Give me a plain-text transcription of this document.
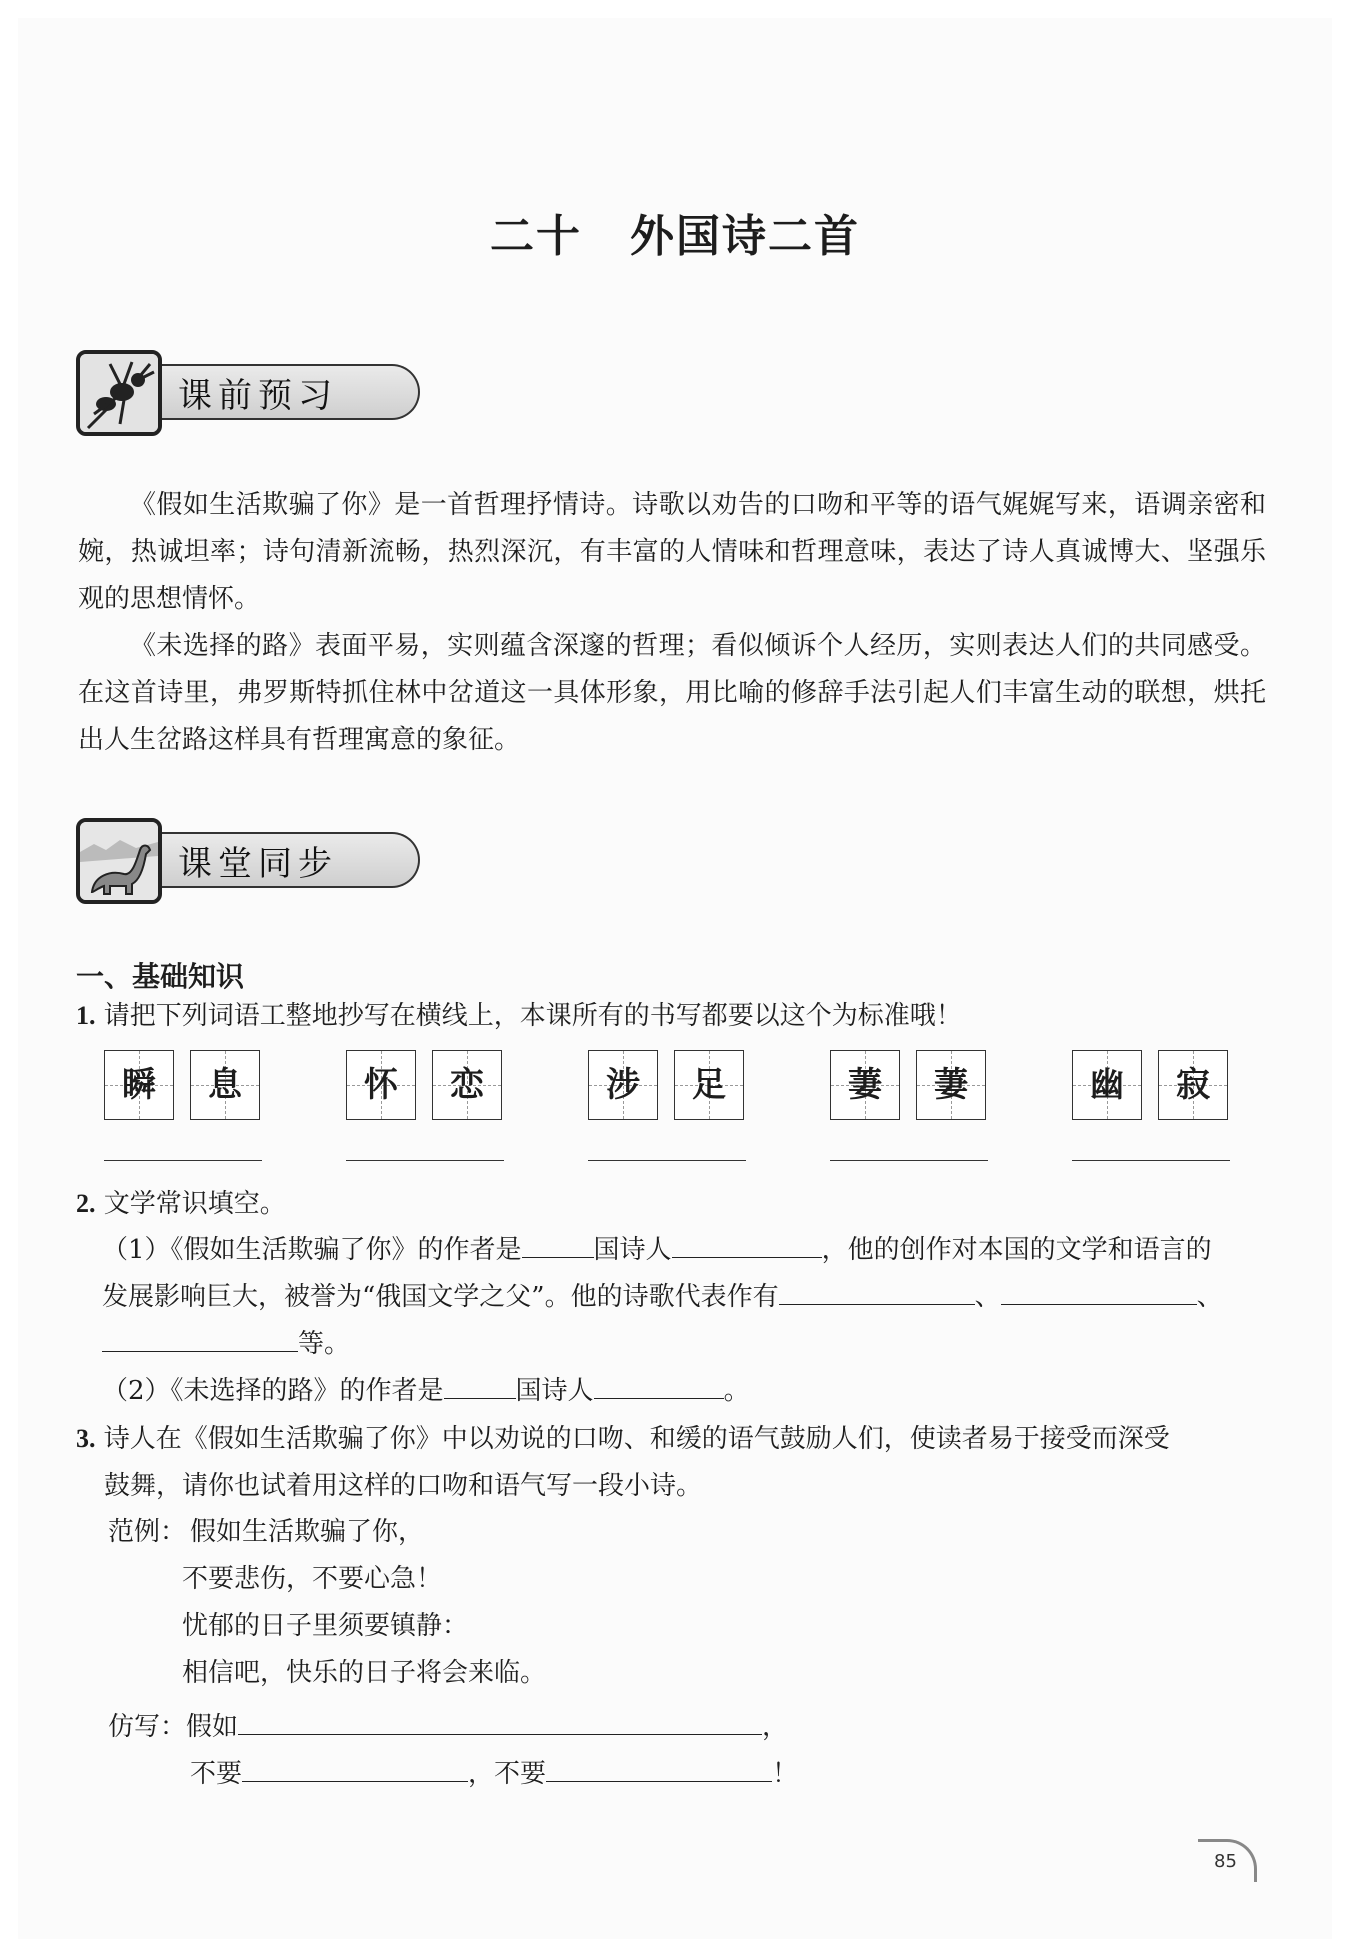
二十 外国诗二首
课前预习

《假如生活欺骗了你》是一首哲理抒情诗。诗歌以劝告的口吻和平等的语气娓娓写来，语调亲密和婉，热诚坦率；诗句清新流畅，热烈深沉，有丰富的人情味和哲理意味，表达了诗人真诚博大、坚强乐观的思想情怀。

《未选择的路》表面平易，实则蕴含深邃的哲理；看似倾诉个人经历，实则表达人们的共同感受。在这首诗里，弗罗斯特抓住林中岔道这一具体形象，用比喻的修辞手法引起人们丰富生动的联想，烘托出人生岔路这样具有哲理寓意的象征。

课堂同步
一、基础知识
1. 请把下列词语工整地抄写在横线上，本课所有的书写都要以这个为标准哦！
瞬	息	怀	恋	涉	足	萋	萋	幽	寂
2. 文学常识填空。
（1）《假如生活欺骗了你》的作者是	国诗人	，他的创作对本国的文学和语言的
发展影响巨大，被誉为“俄国文学之父”。他的诗歌代表作有	、	、
等。
（2）《未选择的路》的作者是	国诗人	。
3. 诗人在《假如生活欺骗了你》中以劝说的口吻、和缓的语气鼓励人们，使读者易于接受而深受
鼓舞，请你也试着用这样的口吻和语气写一段小诗。
范例： 假如生活欺骗了你，
不要悲伤，不要心急！
忧郁的日子里须要镇静：
相信吧，快乐的日子将会来临。
仿写：假如	，
不要	，不要	！
85
